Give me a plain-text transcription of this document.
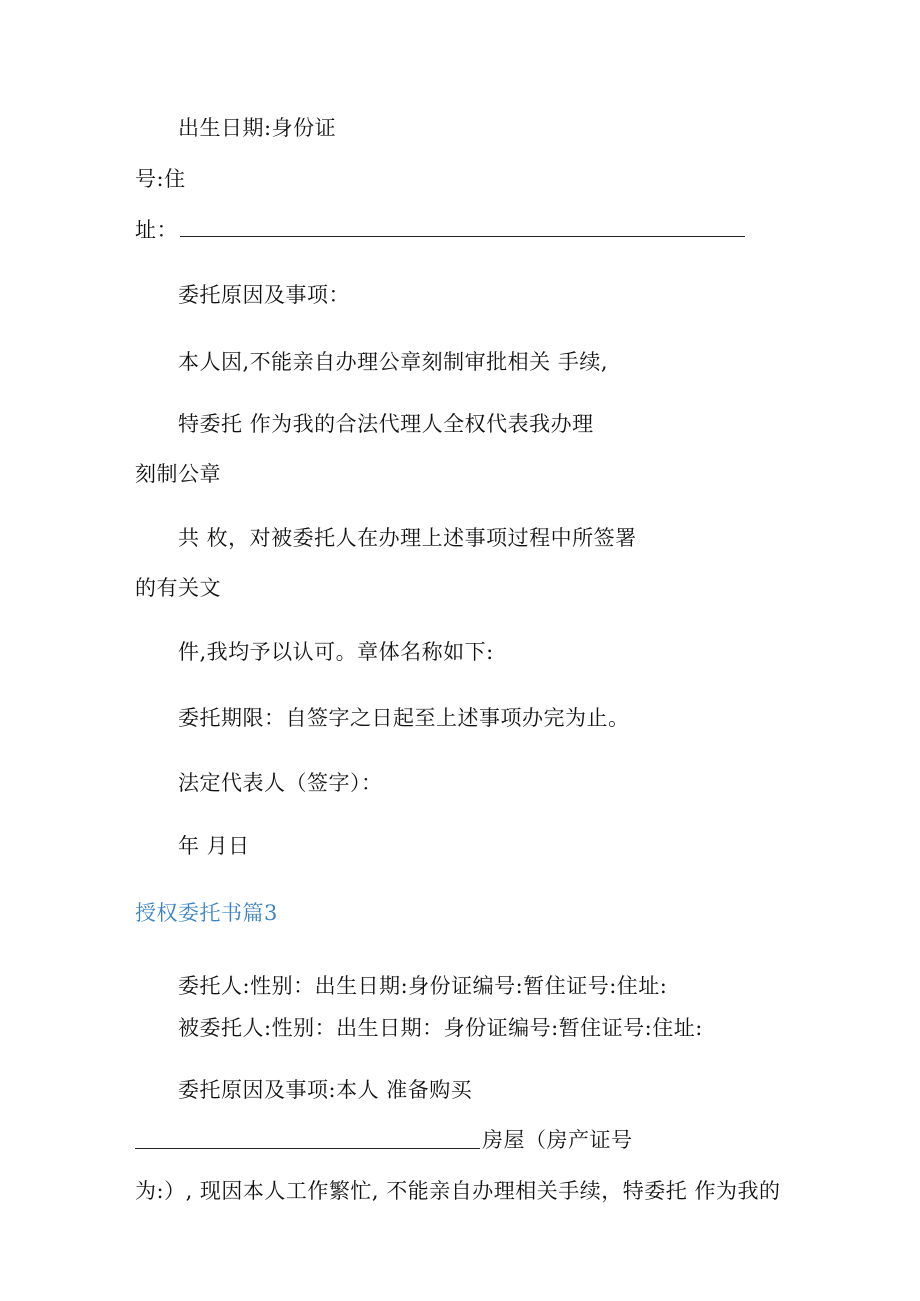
出生日期:身份证
号:住
址：
委托原因及事项：
本人因,不能亲自办理公章刻制审批相关 手续,
特委托 作为我的合法代理人全权代表我办理
刻制公章
共 枚，对被委托人在办理上述事项过程中所签署
的有关文
件,我均予以认可。章体名称如下:
委托期限：自签字之日起至上述事项办完为止。
法定代表人（签字）：
年 月日
授权委托书篇3
委托人:性别：出生日期:身份证编号:暂住证号:住址:
被委托人:性别：出生日期：身份证编号:暂住证号:住址:
委托原因及事项:本人 准备购买
房屋（房产证号
为:）, 现因本人工作繁忙, 不能亲自办理相关手续，特委托 作为我的
